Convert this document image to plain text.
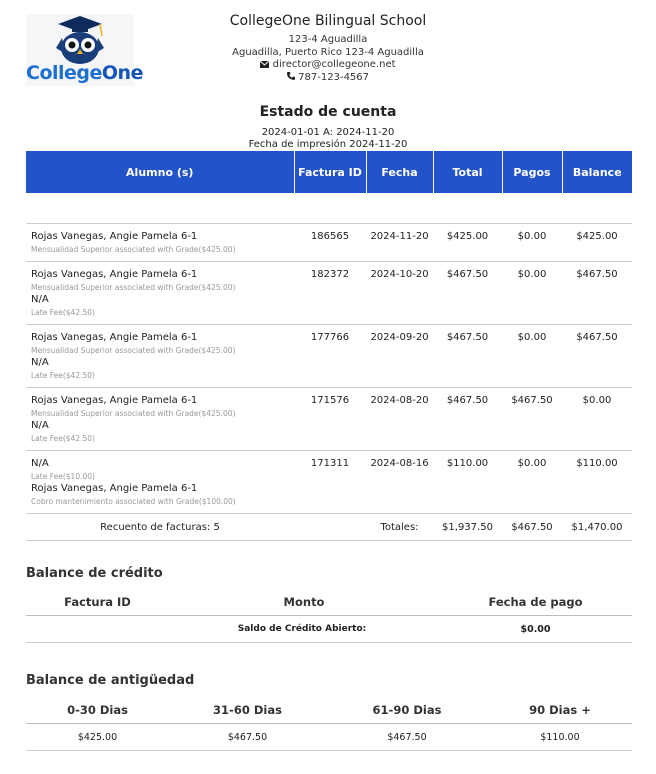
CollegeOne
CollegeOne Bilingual School
123-4 Aguadilla
Aguadilla, Puerto Rico 123-4 Aguadilla
director@collegeone.net
787-123-4567
Estado de cuenta
2024-01-01 A: 2024-11-20
Fecha de impresión 2024-11-20
Alumno (s)	Factura ID	Fecha	Total	Pagos	Balance

Rojas Vanegas, Angie Pamela 6-1
Mensualidad Superior associated with Grade($425.00)	186565	2024-11-20	$425.00	$0.00	$425.00

Rojas Vanegas, Angie Pamela 6-1
Mensualidad Superior associated with Grade($425.00)
N/A
Late Fee($42.50)	182372	2024-10-20	$467.50	$0.00	$467.50

Rojas Vanegas, Angie Pamela 6-1
Mensualidad Superior associated with Grade($425.00)
N/A
Late Fee($42.50)	177766	2024-09-20	$467.50	$0.00	$467.50

Rojas Vanegas, Angie Pamela 6-1
Mensualidad Superior associated with Grade($425.00)
N/A
Late Fee($42.50)	171576	2024-08-20	$467.50	$467.50	$0.00

N/A
Late Fee($10.00)
Rojas Vanegas, Angie Pamela 6-1
Cobro mantenimiento associated with Grade($100.00)	171311	2024-08-16	$110.00	$0.00	$110.00
Recuento de facturas: 5		Totales:	$1,937.50	$467.50	$1,470.00
Balance de crédito
Factura ID	Monto	Fecha de pago
Saldo de Crédito Abierto:		$0.00
Balance de antigüedad
0-30 Dias	31-60 Dias	61-90 Dias	90 Dias +
$425.00	$467.50	$467.50	$110.00
